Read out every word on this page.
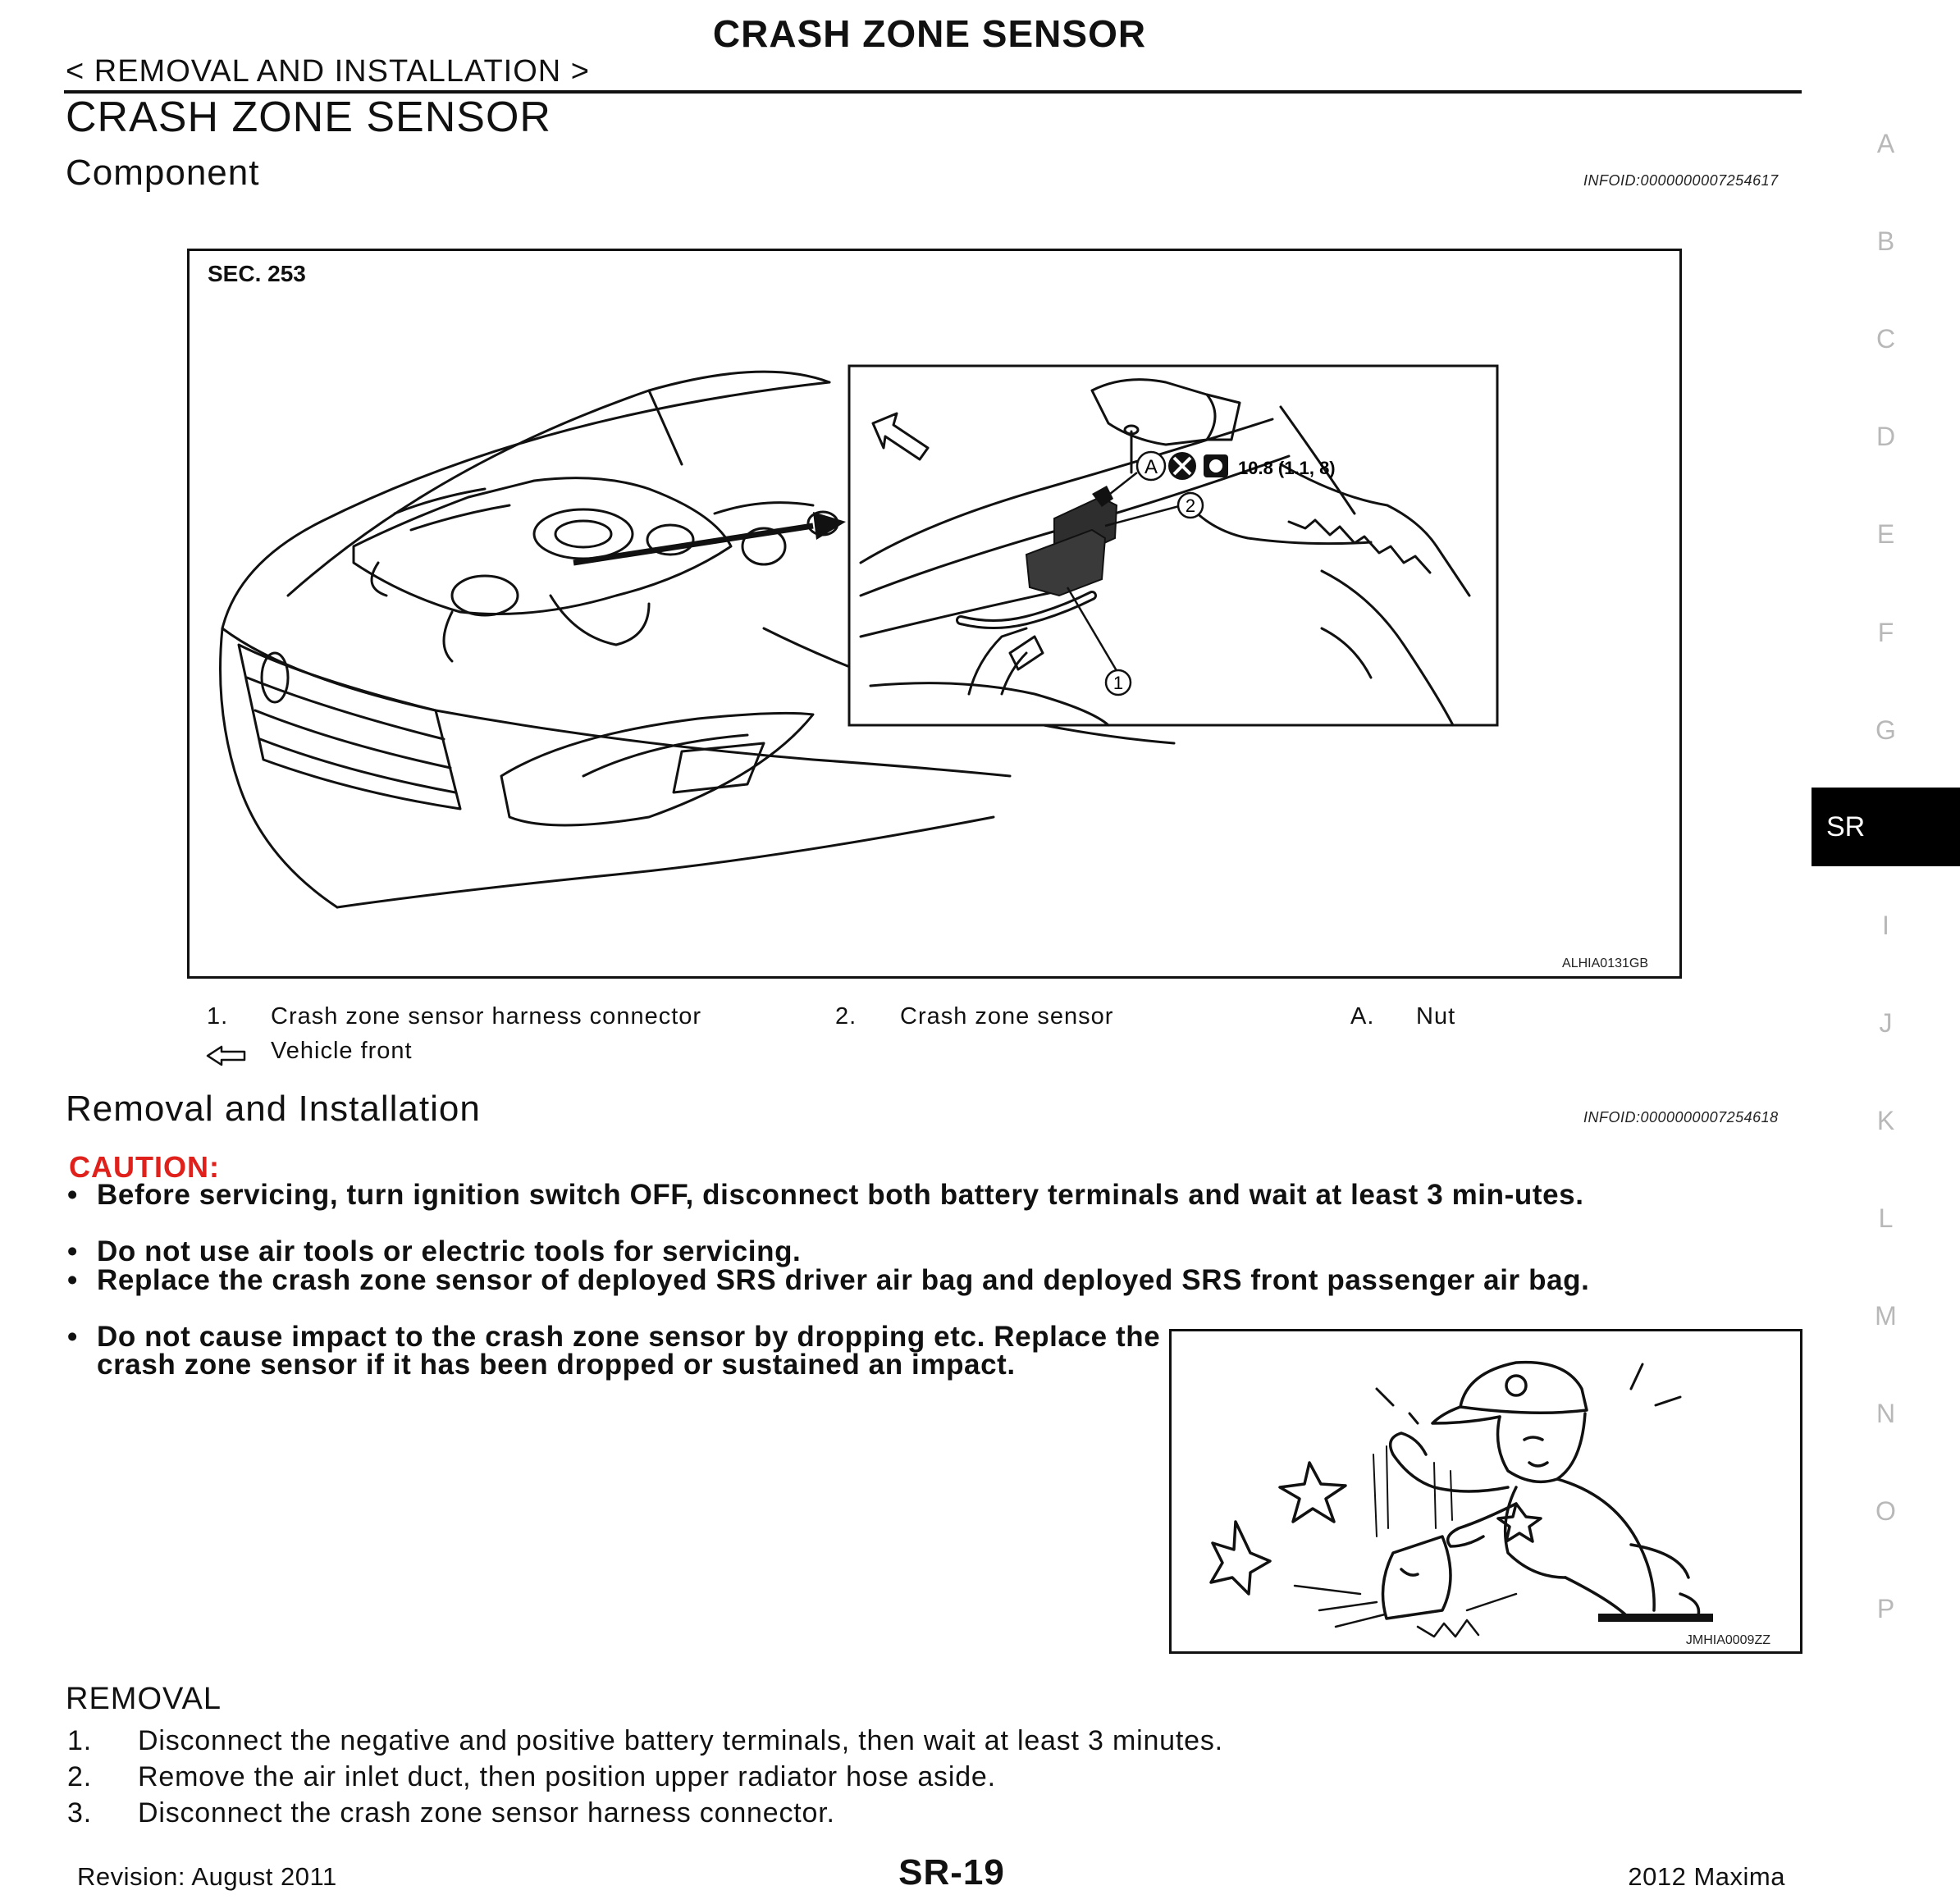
CRASH ZONE SENSOR
< REMOVAL AND INSTALLATION >
CRASH ZONE SENSOR
Component	INFOID:0000000007254617
SEC. 253
A
2
1
10.8 (1.1, 8)
ALHIA0131GB
1. Crash zone sensor harness connector	2. Crash zone sensor	A. Nut
Vehicle front
Removal and Installation	INFOID:0000000007254618
CAUTION:
• Before servicing, turn ignition switch OFF, disconnect both battery terminals and wait at least 3 min-utes.
• Do not use air tools or electric tools for servicing.
• Replace the crash zone sensor of deployed SRS driver air bag and deployed SRS front passenger air bag.
• Do not cause impact to the crash zone sensor by dropping etc. Replace the crash zone sensor if it has been dropped or sustained an impact.
JMHIA0009ZZ
REMOVAL
1.	Disconnect the negative and positive battery terminals, then wait at least 3 minutes.
2.	Remove the air inlet duct, then position upper radiator hose aside.
3.	Disconnect the crash zone sensor harness connector.
Revision: August 2011	SR-19	2012 Maxima
A
B
C
D
E
F
G
SR
I
J
K
L
M
N
O
P
